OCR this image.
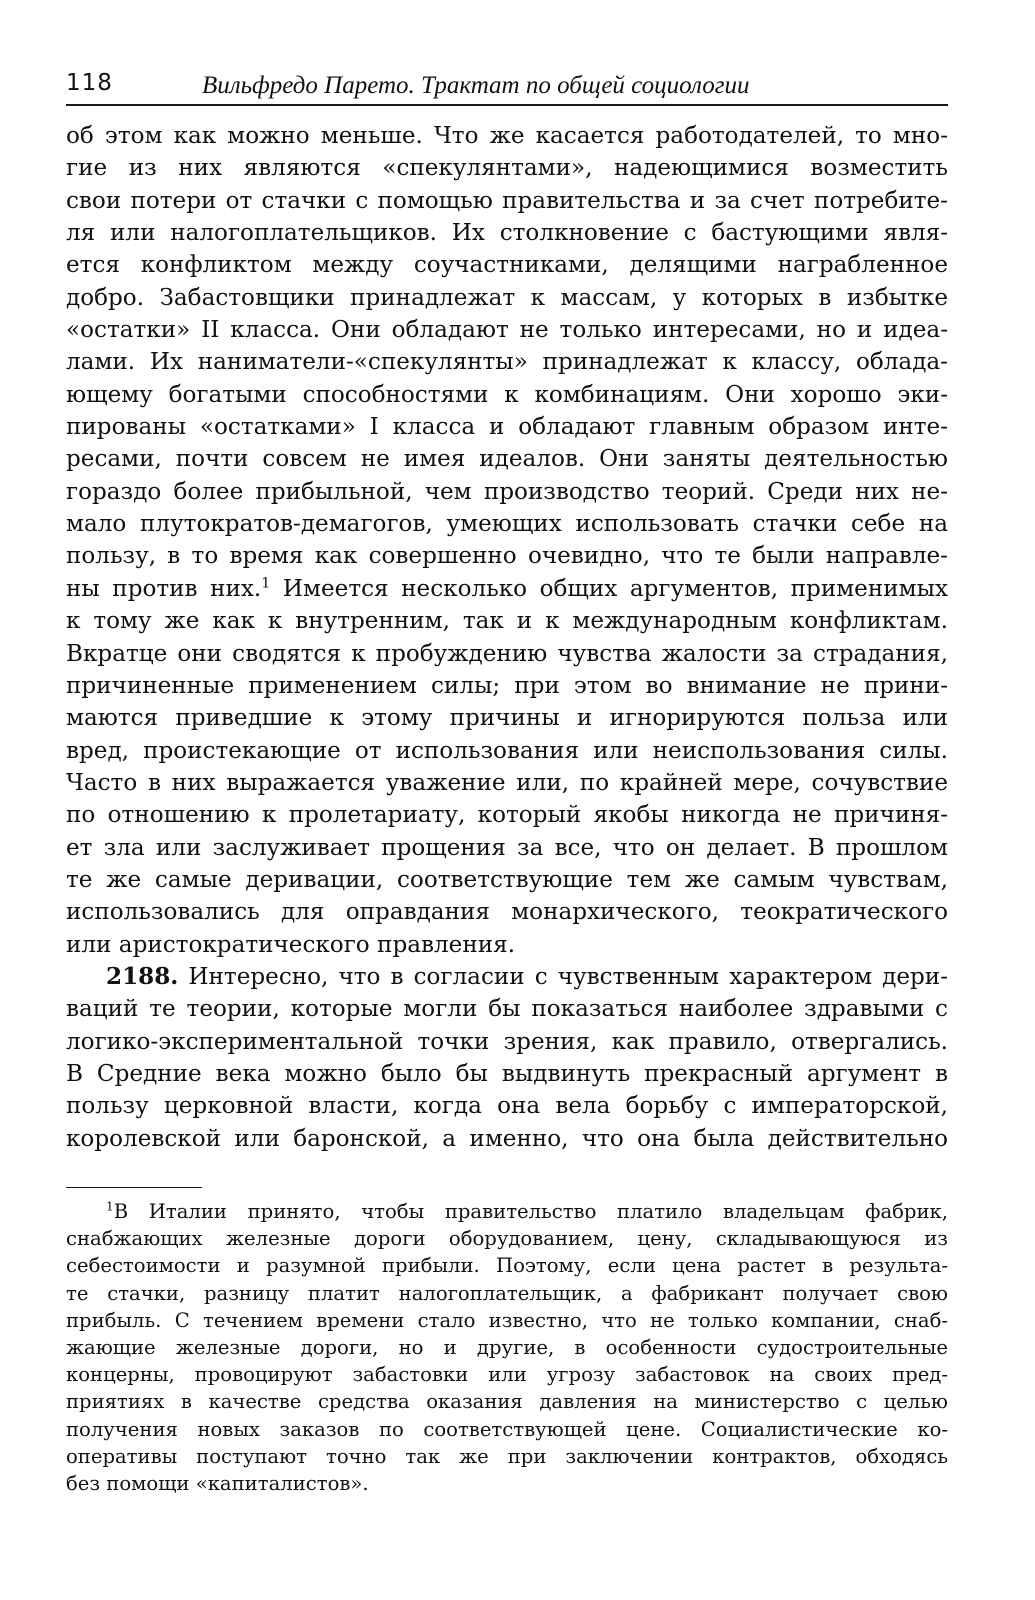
118	Вильфредо Парето. Трактат по общей социологии
об этом как можно меньше. Что же касается работодателей, то мно-
гие из них являются «спекулянтами», надеющимися возместить
свои потери от стачки с помощью правительства и за счет потребите-
ля или налогоплательщиков. Их столкновение с бастующими явля-
ется конфликтом между соучастниками, делящими награбленное
добро. Забастовщики принадлежат к массам, у которых в избытке
«остатки» II класса. Они обладают не только интересами, но и идеа-
лами. Их наниматели-«спекулянты» принадлежат к классу, облада-
ющему богатыми способностями к комбинациям. Они хорошо эки-
пированы «остатками» I класса и обладают главным образом инте-
ресами, почти совсем не имея идеалов. Они заняты деятельностью
гораздо более прибыльной, чем производство теорий. Среди них не-
мало плутократов-демагогов, умеющих использовать стачки себе на
пользу, в то время как совершенно очевидно, что те были направле-
ны против них.$^1$ Имеется несколько общих аргументов, применимых
к тому же как к внутренним, так и к международным конфликтам.
Вкратце они сводятся к пробуждению чувства жалости за страдания,
причиненные применением силы; при этом во внимание не прини-
маются приведшие к этому причины и игнорируются польза или
вред, проистекающие от использования или неиспользования силы.
Часто в них выражается уважение или, по крайней мере, сочувствие
по отношению к пролетариату, который якобы никогда не причиня-
ет зла или заслуживает прощения за все, что он делает. В прошлом
те же самые деривации, соответствующие тем же самым чувствам,
использовались для оправдания монархического, теократического
или аристократического правления.
2188. Интересно, что в согласии с чувственным характером дери-
ваций те теории, которые могли бы показаться наиболее здравыми с
логико-экспериментальной точки зрения, как правило, отвергались.
В Средние века можно было бы выдвинуть прекрасный аргумент в
пользу церковной власти, когда она вела борьбу с императорской,
королевской или баронской, а именно, что она была действительно
$^1$В Италии принято, чтобы правительство платило владельцам фабрик,
снабжающих железные дороги оборудованием, цену, складывающуюся из
себестоимости и разумной прибыли. Поэтому, если цена растет в результа-
те стачки, разницу платит налогоплательщик, а фабрикант получает свою
прибыль. С течением времени стало известно, что не только компании, снаб-
жающие железные дороги, но и другие, в особенности судостроительные
концерны, провоцируют забастовки или угрозу забастовок на своих пред-
приятиях в качестве средства оказания давления на министерство с целью
получения новых заказов по соответствующей цене. Социалистические ко-
оперативы поступают точно так же при заключении контрактов, обходясь
без помощи «капиталистов».
